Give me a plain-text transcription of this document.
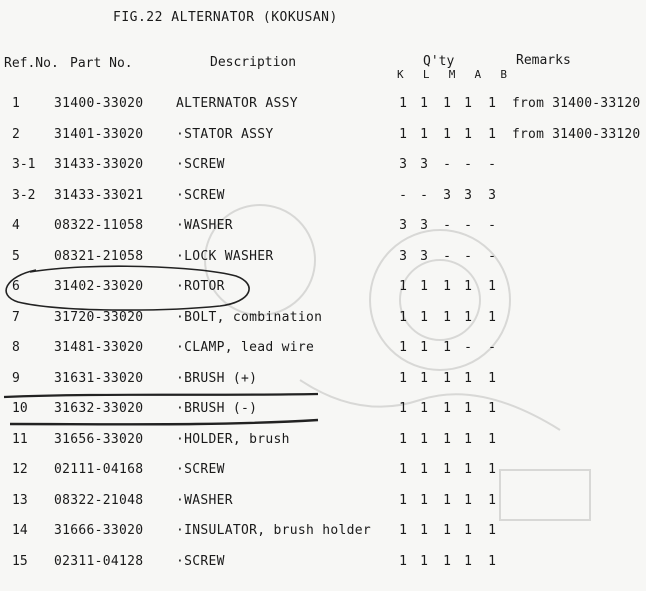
FIG.22 ALTERNATOR (KOKUSAN)
Ref.No. Part No.	Description	Q'ty	Remarks
K L M A B
1	31400-33020	ALTERNATOR ASSY	1 1 1 1 1 from 31400-33120
2	31401-33020	·STATOR ASSY	1 1 1 1 1 from 31400-33120
3-1 31433-33020	·SCREW	3 3 - - -
3-2 31433-33021	·SCREW	- - 3 3 3
4	08322-11058	·WASHER	3 3 - - -
5	08321-21058	·LOCK WASHER	3 3 - - -
6	31402-33020	·ROTOR	1 1 1 1 1
7	31720-33020	·BOLT, combination	1 1 1 1 1
8	31481-33020	·CLAMP, lead wire	1 1 1 - -
9	31631-33020	·BRUSH (+)	1 1 1 1 1
10 31632-33020	·BRUSH (-)	1 1 1 1 1
11 31656-33020	·HOLDER, brush	1 1 1 1 1
12 02111-04168	·SCREW	1 1 1 1 1
13 08322-21048	·WASHER	1 1 1 1 1
14 31666-33020	·INSULATOR, brush holder 1 1 1 1 1
15 02311-04128	·SCREW	1 1 1 1 1
